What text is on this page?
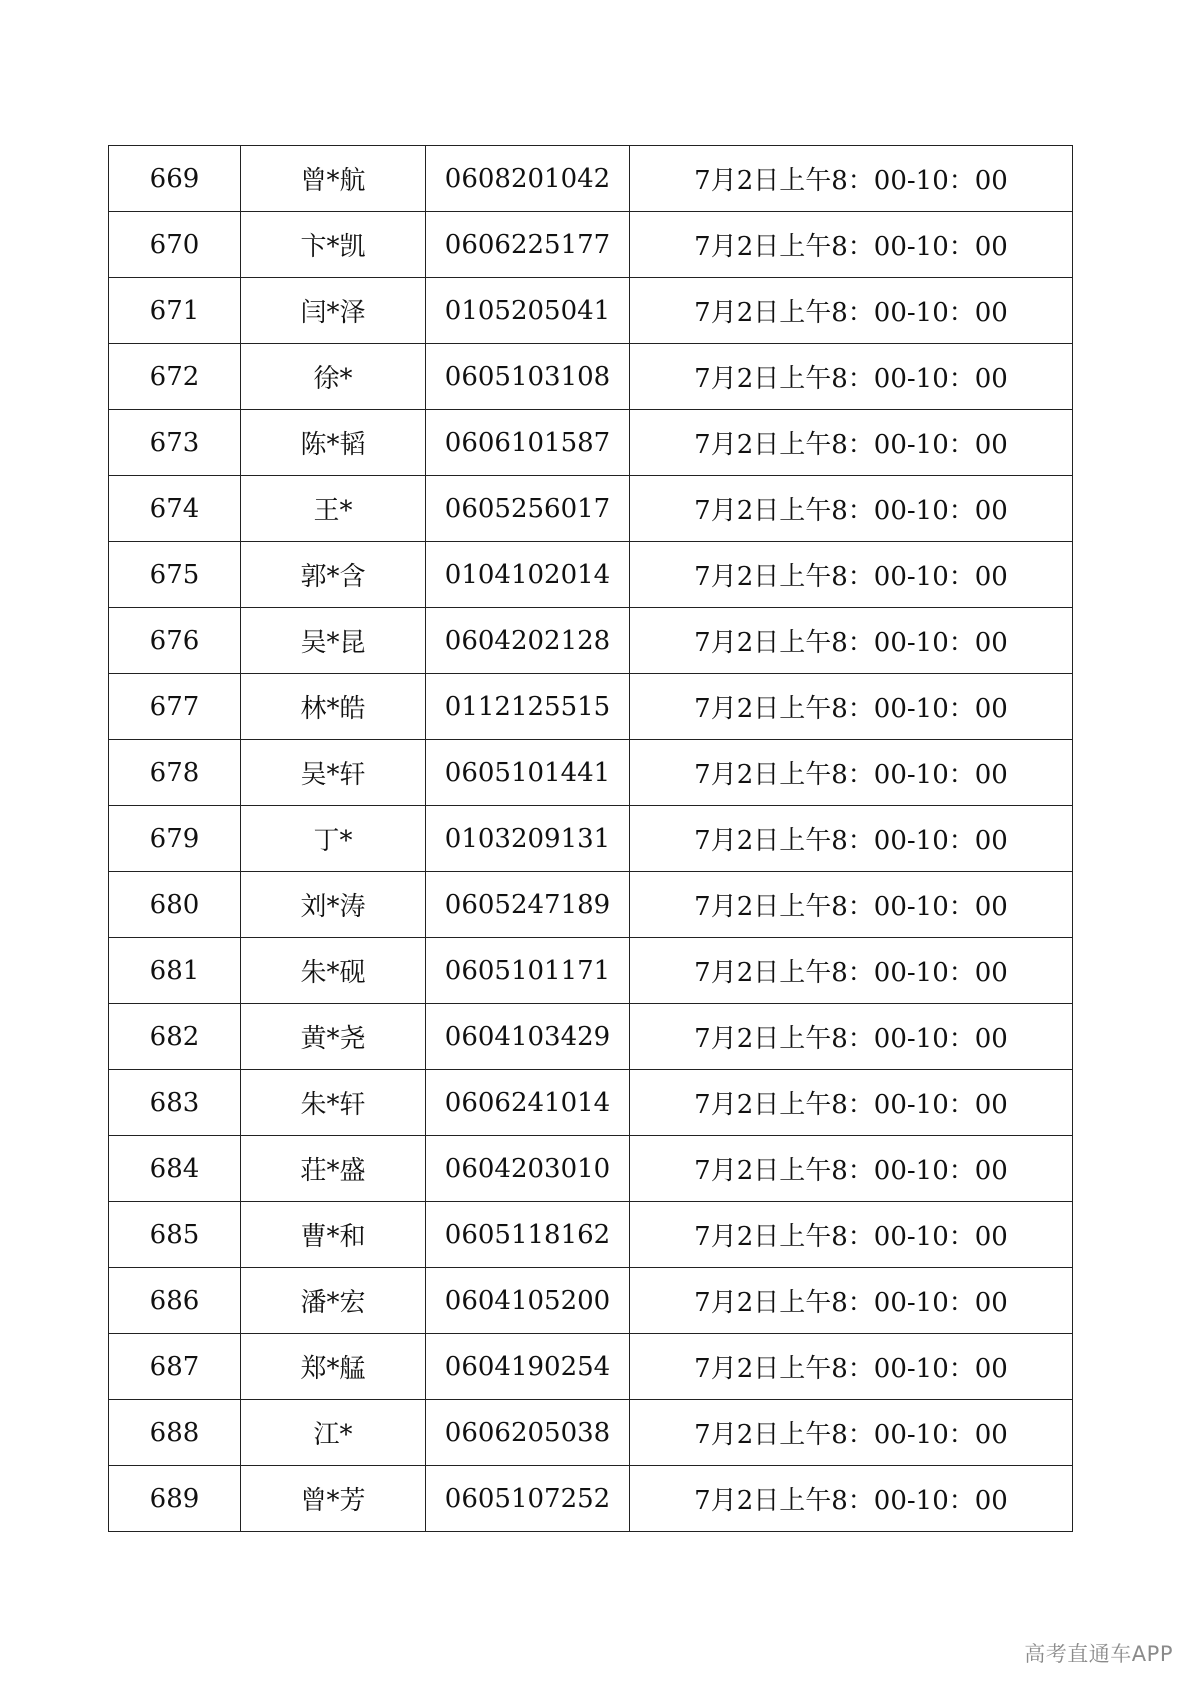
669	曾*航	0608201042	7月2日上午8：00-10：00
670	卞*凯	0606225177	7月2日上午8：00-10：00
671	闫*泽	0105205041	7月2日上午8：00-10：00
672	徐*	0605103108	7月2日上午8：00-10：00
673	陈*韬	0606101587	7月2日上午8：00-10：00
674	王*	0605256017	7月2日上午8：00-10：00
675	郭*含	0104102014	7月2日上午8：00-10：00
676	吴*昆	0604202128	7月2日上午8：00-10：00
677	林*皓	0112125515	7月2日上午8：00-10：00
678	吴*轩	0605101441	7月2日上午8：00-10：00
679	丁*	0103209131	7月2日上午8：00-10：00
680	刘*涛	0605247189	7月2日上午8：00-10：00
681	朱*砚	0605101171	7月2日上午8：00-10：00
682	黄*尧	0604103429	7月2日上午8：00-10：00
683	朱*轩	0606241014	7月2日上午8：00-10：00
684	荘*盛	0604203010	7月2日上午8：00-10：00
685	曹*和	0605118162	7月2日上午8：00-10：00
686	潘*宏	0604105200	7月2日上午8：00-10：00
687	郑*艋	0604190254	7月2日上午8：00-10：00
688	江*	0606205038	7月2日上午8：00-10：00
689	曾*芳	0605107252	7月2日上午8：00-10：00
高考直通车APP
